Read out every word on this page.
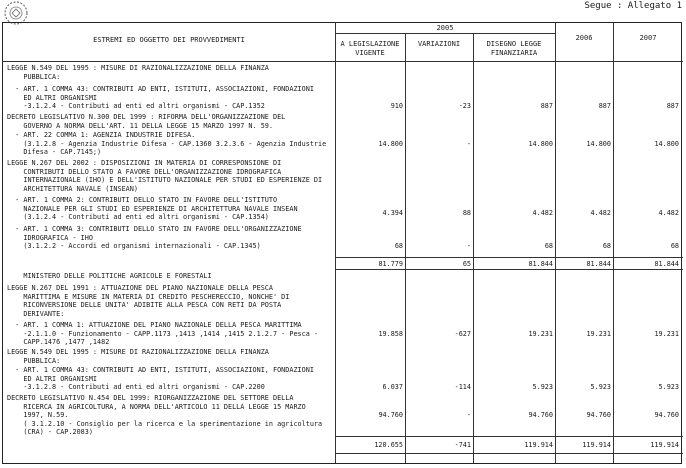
Segue : Allegato 1
ESTREMI ED OGGETTO DEI PROVVEDIMENTI
2005
A LEGISLAZIONE VIGENTE
VARIAZIONI	DISEGNO LEGGE FINANZIARIA
2006	2007
LEGGE N.549 DEL 1995 : MISURE DI RAZIONALIZZAZIONE DELLA FINANZA
PUBBLICA:
- ART. 1 COMMA 43: CONTRIBUTI AD ENTI, ISTITUTI, ASSOCIAZIONI, FONDAZIONI
ED ALTRI ORGANISMI
-3.1.2.4 - Contributi ad enti ed altri organismi - CAP.1352	910	-23	887	887	887
DECRETO LEGISLATIVO N.300 DEL 1999 : RIFORMA DELL'ORGANIZZAZIONE DEL
GOVERNO A NORMA DELL'ART. 11 DELLA LEGGE 15 MARZO 1997 N. 59.
- ART. 22 COMMA 1: AGENZIA INDUSTRIE DIFESA.
(3.1.2.8 - Agenzia Industrie Difesa - CAP.1360 3.2.3.6 - Agenzia Industrie
Difesa - CAP.7145;)
14.800	-	14.800	14.800	14.800
LEGGE N.267 DEL 2002 : DISPOSIZIONI IN MATERIA DI CORRESPONSIONE DI
CONTRIBUTI DELLO STATO A FAVORE DELL'ORGANIZZAZIONE IDROGRAFICA
INTERNAZIONALE (IHO) E DELL'ISTITUTO NAZIONALE PER STUDI ED ESPERIENZE DI
ARCHITETTURA NAVALE (INSEAN)
- ART. 1 COMMA 2: CONTRIBUTI DELLO STATO IN FAVORE DELL'ISTITUTO
NAZIONALE PER GLI STUDI ED ESPERIENZE DI ARCHITETTURA NAVALE INSEAN
(3.1.2.4 - Contributi ad enti ed altri organismi - CAP.1354)
4.394	88	4.482	4.482	4.482
- ART. 1 COMMA 3: CONTRIBUTI DELLO STATO IN FAVORE DELL'ORGANIZZAZIONE
IDROGRAFICA - IHO
(3.1.2.2 - Accordi ed organismi internazionali - CAP.1345)	68	-	68	68	68
81.779	65	81.844	81.844	81.844
MINISTERO DELLE POLITICHE AGRICOLE E FORESTALI
LEGGE N.267 DEL 1991 : ATTUAZIONE DEL PIANO NAZIONALE DELLA PESCA
MARITTIMA E MISURE IN MATERIA DI CREDITO PESCHERECCIO, NONCHE' DI
RICONVERSIONE DELLE UNITA' ADIBITE ALLA PESCA CON RETI DA POSTA
DERIVANTE:
- ART. 1 COMMA 1: ATTUAZIONE DEL PIANO NAZIONALE DELLA PESCA MARITTIMA
-2.1.1.0 - Funzionamento - CAPP.1173 ,1413 ,1414 ,1415 2.1.2.7 - Pesca -
CAPP.1476 ,1477 ,1482
19.858	-627	19.231	19.231	19.231
LEGGE N.549 DEL 1995 : MISURE DI RAZIONALIZZAZIONE DELLA FINANZA
PUBBLICA:
- ART. 1 COMMA 43: CONTRIBUTI AD ENTI, ISTITUTI, ASSOCIAZIONI, FONDAZIONI
ED ALTRI ORGANISMI
-3.1.2.8 - Contributi ad enti ed altri organismi - CAP.2200	6.037	-114	5.923	5.923	5.923
DECRETO LEGISLATIVO N.454 DEL 1999: RIORGANIZZAZIONE DEL SETTORE DELLA
RICERCA IN AGRICOLTURA, A NORMA DELL'ARTICOLO 11 DELLA LEGGE 15 MARZO
1997, N.59.
( 3.1.2.10 - Consiglio per la ricerca e la sperimentazione in agricoltura
(CRA) - CAP.2083)
94.760	-	94.760	94.760	94.760
120.655	-741	119.914	119.914	119.914
